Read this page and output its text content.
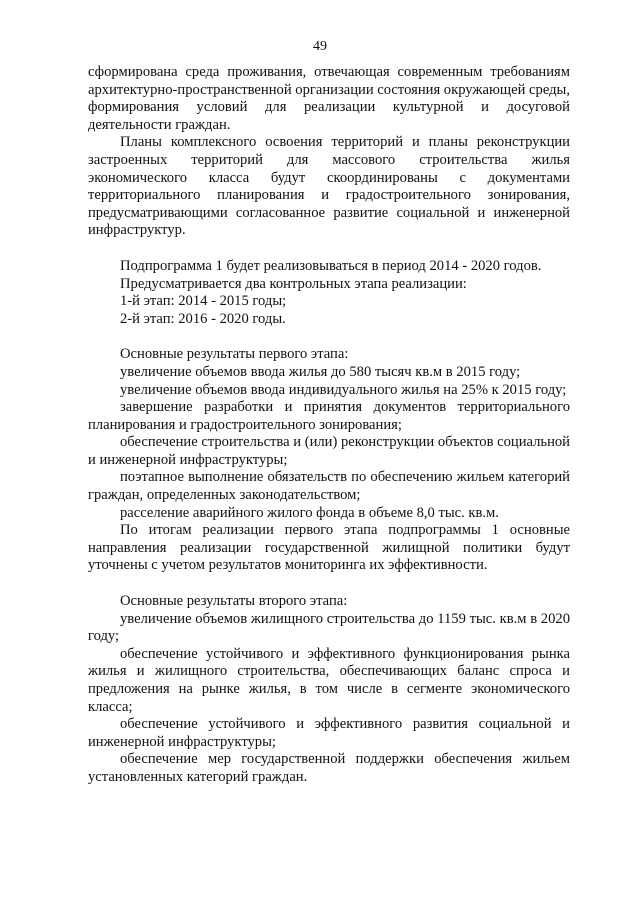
49

сформирована среда проживания, отвечающая современным требованиям архитектурно-пространственной организации состояния окружающей среды, формирования условий для реализации культурной и досуговой деятельности граждан.

Планы комплексного освоения территорий и планы реконструкции застроенных территорий для массового строительства жилья экономического класса будут скоординированы с документами территориального планирования и градостроительного зонирования, предусматривающими согласованное развитие социальной и инженерной инфраструктур.

Подпрограмма 1 будет реализовываться в период 2014 - 2020 годов.

Предусматривается два контрольных этапа реализации:

1-й этап: 2014 - 2015 годы;

2-й этап: 2016 - 2020 годы.

Основные результаты первого этапа:

увеличение объемов ввода жилья до 580 тысяч кв.м в 2015 году;

увеличение объемов ввода индивидуального жилья на 25% к 2015 году;

завершение разработки и принятия документов территориального планирования и градостроительного зонирования;

обеспечение строительства и (или) реконструкции объектов социальной и инженерной инфраструктуры;

поэтапное выполнение обязательств по обеспечению жильем категорий граждан, определенных законодательством;

расселение аварийного жилого фонда в объеме 8,0 тыс. кв.м.

По итогам реализации первого этапа подпрограммы 1 основные направления реализации государственной жилищной политики будут уточнены с учетом результатов мониторинга их эффективности.

Основные результаты второго этапа:

увеличение объемов жилищного строительства до 1159 тыс. кв.м в 2020 году;

обеспечение устойчивого и эффективного функционирования рынка жилья и жилищного строительства, обеспечивающих баланс спроса и предложения на рынке жилья, в том числе в сегменте экономического класса;

обеспечение устойчивого и эффективного развития социальной и инженерной инфраструктуры;

обеспечение мер государственной поддержки обеспечения жильем установленных категорий граждан.
